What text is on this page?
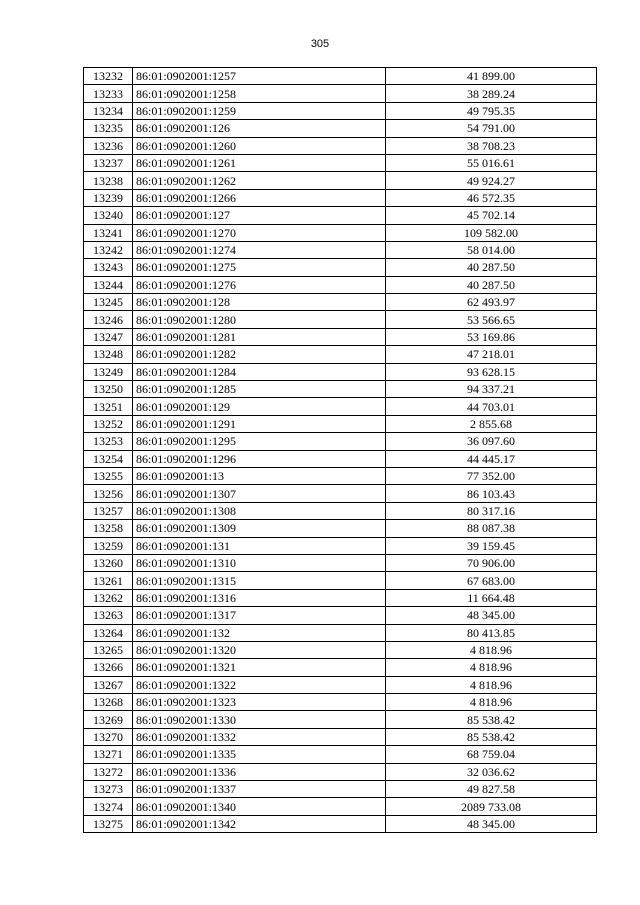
305
13232	86:01:0902001:1257	41 899.00
13233	86:01:0902001:1258	38 289.24
13234	86:01:0902001:1259	49 795.35
13235	86:01:0902001:126	54 791.00
13236	86:01:0902001:1260	38 708.23
13237	86:01:0902001:1261	55 016.61
13238	86:01:0902001:1262	49 924.27
13239	86:01:0902001:1266	46 572.35
13240	86:01:0902001:127	45 702.14
13241	86:01:0902001:1270	109 582.00
13242	86:01:0902001:1274	58 014.00
13243	86:01:0902001:1275	40 287.50
13244	86:01:0902001:1276	40 287.50
13245	86:01:0902001:128	62 493.97
13246	86:01:0902001:1280	53 566.65
13247	86:01:0902001:1281	53 169.86
13248	86:01:0902001:1282	47 218.01
13249	86:01:0902001:1284	93 628.15
13250	86:01:0902001:1285	94 337.21
13251	86:01:0902001:129	44 703.01
13252	86:01:0902001:1291	2 855.68
13253	86:01:0902001:1295	36 097.60
13254	86:01:0902001:1296	44 445.17
13255	86:01:0902001:13	77 352.00
13256	86:01:0902001:1307	86 103.43
13257	86:01:0902001:1308	80 317.16
13258	86:01:0902001:1309	88 087.38
13259	86:01:0902001:131	39 159.45
13260	86:01:0902001:1310	70 906.00
13261	86:01:0902001:1315	67 683.00
13262	86:01:0902001:1316	11 664.48
13263	86:01:0902001:1317	48 345.00
13264	86:01:0902001:132	80 413.85
13265	86:01:0902001:1320	4 818.96
13266	86:01:0902001:1321	4 818.96
13267	86:01:0902001:1322	4 818.96
13268	86:01:0902001:1323	4 818.96
13269	86:01:0902001:1330	85 538.42
13270	86:01:0902001:1332	85 538.42
13271	86:01:0902001:1335	68 759.04
13272	86:01:0902001:1336	32 036.62
13273	86:01:0902001:1337	49 827.58
13274	86:01:0902001:1340	2089 733.08
13275	86:01:0902001:1342	48 345.00
